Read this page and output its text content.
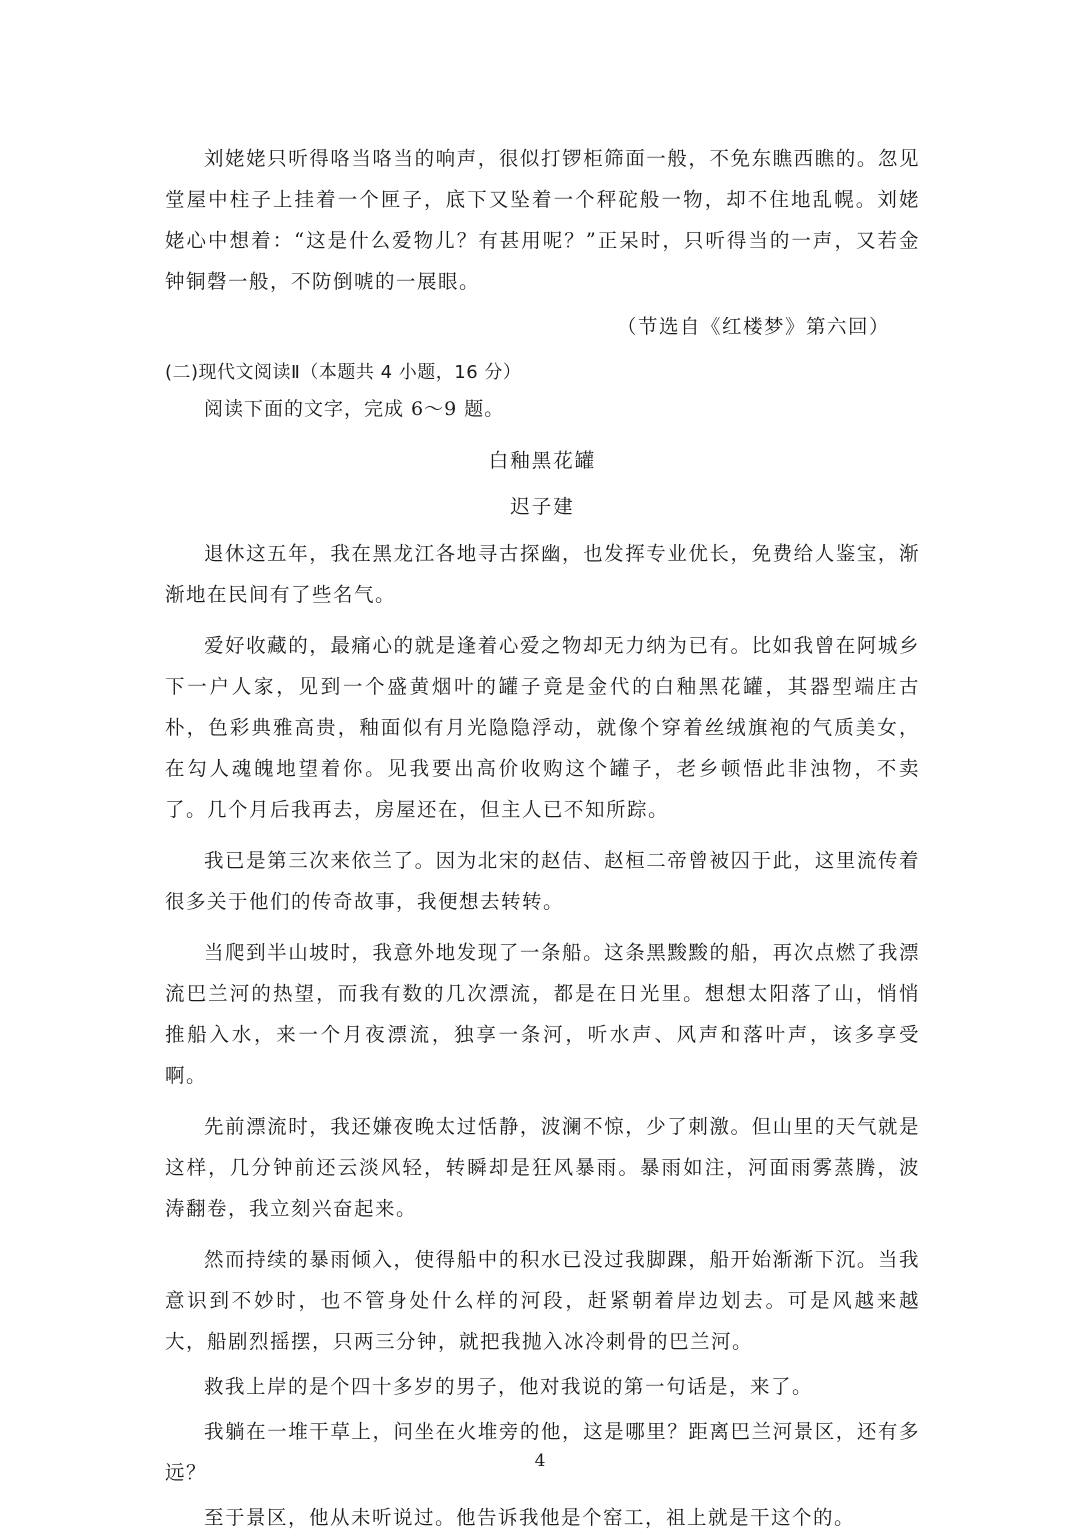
刘姥姥只听得咯当咯当的响声，很似打锣柜筛面一般，不免东瞧西瞧的。忽见堂屋中柱子上挂着一个匣子，底下又坠着一个秤砣般一物，却不住地乱幌。刘姥姥心中想着：“这是什么爱物儿？有甚用呢？”正呆时，只听得当的一声，又若金钟铜磬一般，不防倒唬的一展眼。

（节选自《红楼梦》第六回）

(二)现代文阅读Ⅱ（本题共 4 小题，16 分）

阅读下面的文字，完成 6～9 题。

白釉黑花罐

迟子建

退休这五年，我在黑龙江各地寻古探幽，也发挥专业优长，免费给人鉴宝，渐渐地在民间有了些名气。

爱好收藏的，最痛心的就是逢着心爱之物却无力纳为已有。比如我曾在阿城乡下一户人家，见到一个盛黄烟叶的罐子竟是金代的白釉黑花罐，其器型端庄古朴，色彩典雅高贵，釉面似有月光隐隐浮动，就像个穿着丝绒旗袍的气质美女，在勾人魂魄地望着你。见我要出高价收购这个罐子，老乡顿悟此非浊物，不卖了。几个月后我再去，房屋还在，但主人已不知所踪。

我已是第三次来依兰了。因为北宋的赵佶、赵桓二帝曾被囚于此，这里流传着很多关于他们的传奇故事，我便想去转转。

当爬到半山坡时，我意外地发现了一条船。这条黑黢黢的船，再次点燃了我漂流巴兰河的热望，而我有数的几次漂流，都是在日光里。想想太阳落了山，悄悄推船入水，来一个月夜漂流，独享一条河，听水声、风声和落叶声，该多享受啊。

先前漂流时，我还嫌夜晚太过恬静，波澜不惊，少了刺激。但山里的天气就是这样，几分钟前还云淡风轻，转瞬却是狂风暴雨。暴雨如注，河面雨雾蒸腾，波涛翻卷，我立刻兴奋起来。

然而持续的暴雨倾入，使得船中的积水已没过我脚踝，船开始渐渐下沉。当我意识到不妙时，也不管身处什么样的河段，赶紧朝着岸边划去。可是风越来越大，船剧烈摇摆，只两三分钟，就把我抛入冰冷刺骨的巴兰河。

救我上岸的是个四十多岁的男子，他对我说的第一句话是，来了。

我躺在一堆干草上，问坐在火堆旁的他，这是哪里？距离巴兰河景区，还有多远？

至于景区，他从未听说过。他告诉我他是个窑工，祖上就是干这个的。

4
